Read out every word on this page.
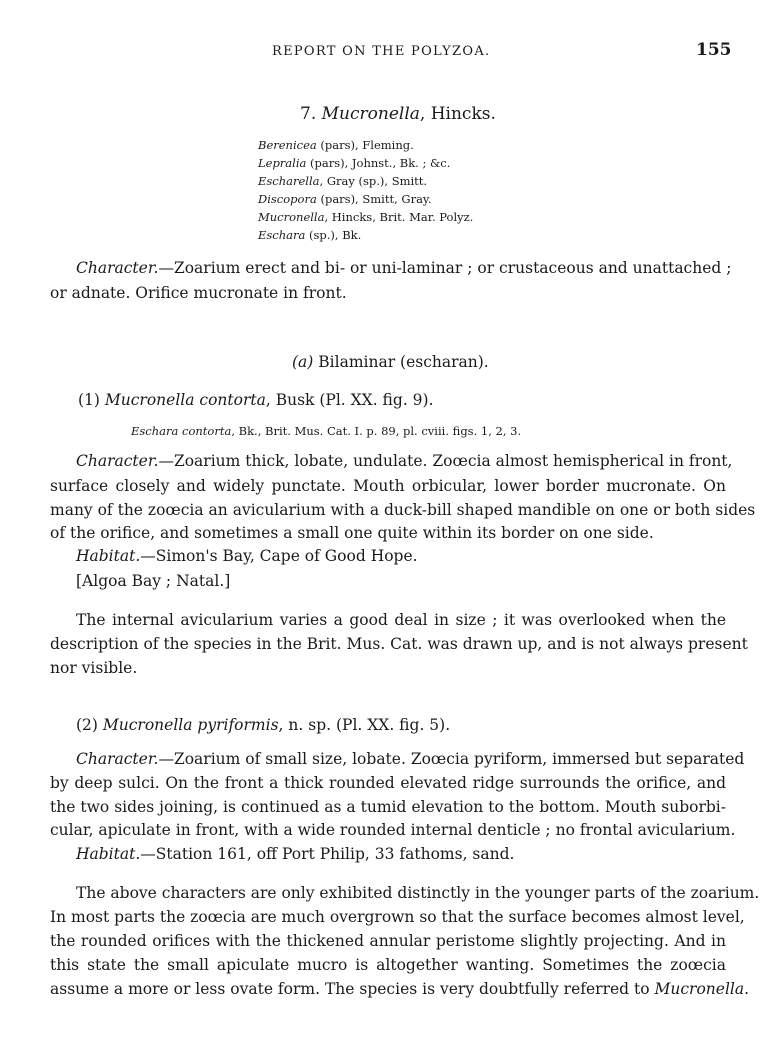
REPORT ON THE POLYZOA.	155
7. Mucronella, Hincks.
Berenicea (pars), Fleming.
Lepralia (pars), Johnst., Bk. ; &c.
Escharella, Gray (sp.), Smitt.
Discopora (pars), Smitt, Gray.
Mucronella, Hincks, Brit. Mar. Polyz.
Eschara (sp.), Bk.
Character.—Zoarium erect and bi- or uni-laminar ; or crustaceous and unattached ;
or adnate. Orifice mucronate in front.
(a) Bilaminar (escharan).
(1) Mucronella contorta, Busk (Pl. XX. fig. 9).
Eschara contorta, Bk., Brit. Mus. Cat. I. p. 89, pl. cviii. figs. 1, 2, 3.
Character.—Zoarium thick, lobate, undulate. Zoœcia almost hemispherical in front,
surface closely and widely punctate. Mouth orbicular, lower border mucronate. On
many of the zoœcia an avicularium with a duck-bill shaped mandible on one or both sides
of the orifice, and sometimes a small one quite within its border on one side.
Habitat.—Simon's Bay, Cape of Good Hope.
[Algoa Bay ; Natal.]
The internal avicularium varies a good deal in size ; it was overlooked when the
description of the species in the Brit. Mus. Cat. was drawn up, and is not always present
nor visible.
(2) Mucronella pyriformis, n. sp. (Pl. XX. fig. 5).
Character.—Zoarium of small size, lobate. Zoœcia pyriform, immersed but separated
by deep sulci. On the front a thick rounded elevated ridge surrounds the orifice, and
the two sides joining, is continued as a tumid elevation to the bottom. Mouth suborbi-
cular, apiculate in front, with a wide rounded internal denticle ; no frontal avicularium.
Habitat.—Station 161, off Port Philip, 33 fathoms, sand.
The above characters are only exhibited distinctly in the younger parts of the zoarium.
In most parts the zoœcia are much overgrown so that the surface becomes almost level,
the rounded orifices with the thickened annular peristome slightly projecting. And in
this state the small apiculate mucro is altogether wanting. Sometimes the zoœcia
assume a more or less ovate form. The species is very doubtfully referred to Mucronella.
